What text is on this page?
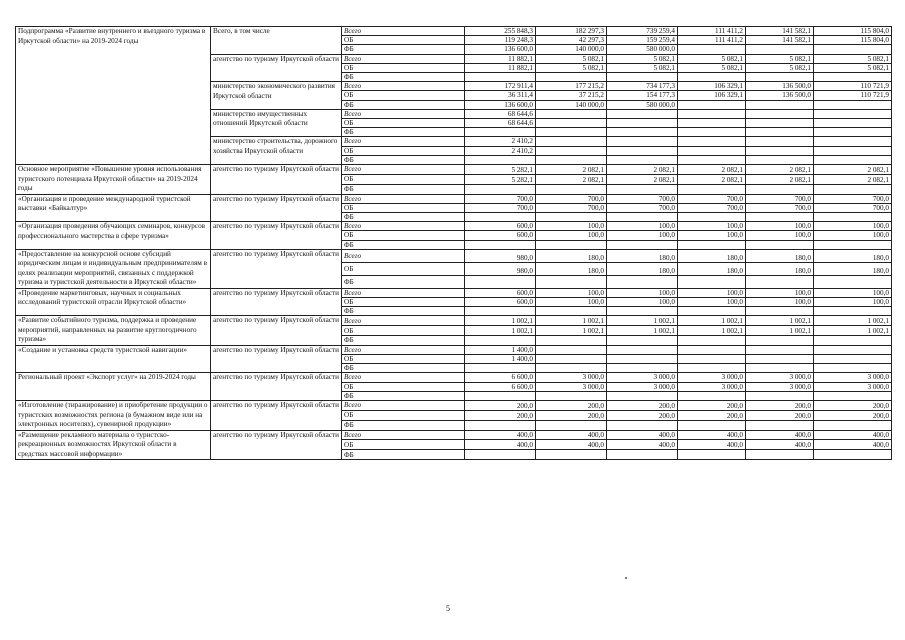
Подпрограмма «Развитие внутреннего и въездного туризма в Иркутской области» на 2019-2024 годы	Всего, в том числе	Всего	255 848,3	182 297,3	739 259,4	111 411,2	141 582,1	115 804,0
		ОБ	119 248,3	42 297,3	159 259,4	111 411,2	141 582,1	115 804,0
		ФБ	136 600,0	140 000,0	580 000,0			
	агентство по туризму Иркутской области	Всего	11 882,1	5 082,1	5 082,1	5 082,1	5 082,1	5 082,1
		ОБ	11 882,1	5 082,1	5 082,1	5 082,1	5 082,1	5 082,1
		ФБ						
	министерство экономического развития Иркутской области	Всего	172 911,4	177 215,2	734 177,3	106 329,1	136 500,0	110 721,9
		ОБ	36 311,4	37 215,2	154 177,3	106 329,1	136 500,0	110 721,9
		ФБ	136 600,0	140 000,0	580 000,0			
	министерство имущественных отношений Иркутской области	Всего	68 644,6					
		ОБ	68 644,6					
		ФБ						
	министерство строительства, дорожного хозяйства Иркутской области	Всего	2 410,2					
		ОБ	2 410,2					
		ФБ						
Основное мероприятие «Повышение уровня использования туристского потенциала Иркутской области» на 2019-2024 годы	агентство по туризму Иркутской области	Всего	5 282,1	2 082,1	2 082,1	2 082,1	2 082,1	2 082,1
		ОБ	5 282,1	2 082,1	2 082,1	2 082,1	2 082,1	2 082,1
		ФБ						
«Организация и проведение международной туристской выставки «Байкалтур»	агентство по туризму Иркутской области	Всего	700,0	700,0	700,0	700,0	700,0	700,0
		ОБ	700,0	700,0	700,0	700,0	700,0	700,0
		ФБ						
«Организация проведения обучающих семинаров, конкурсов профессионального мастерства в сфере туризма»	агентство по туризму Иркутской области	Всего	600,0	100,0	100,0	100,0	100,0	100,0
		ОБ	600,0	100,0	100,0	100,0	100,0	100,0
		ФБ						
«Предоставление на конкурсной основе субсидий юридическим лицам и индивидуальным предпринимателям в целях реализации мероприятий, связанных с поддержкой туризма и туристской деятельности в Иркутской области»	агентство по туризму Иркутской области	Всего	980,0	180,0	180,0	180,0	180,0	180,0
		ОБ	980,0	180,0	180,0	180,0	180,0	180,0
		ФБ						
«Проведение маркетинговых, научных и социальных исследований туристской отрасли Иркутской области»	агентство по туризму Иркутской области	Всего	600,0	100,0	100,0	100,0	100,0	100,0
		ОБ	600,0	100,0	100,0	100,0	100,0	100,0
		ФБ						
«Развитие событийного туризма, поддержка и проведение мероприятий, направленных на развитие круглогодичного туризма»	агентство по туризму Иркутской области	Всего	1 002,1	1 002,1	1 002,1	1 002,1	1 002,1	1 002,1
		ОБ	1 002,1	1 002,1	1 002,1	1 002,1	1 002,1	1 002,1
		ФБ						
«Создание и установка средств туристской навигации»	агентство по туризму Иркутской области	Всего	1 400,0					
		ОБ	1 400,0					
		ФБ						
Региональный проект «Экспорт услуг» на 2019-2024 годы	агентство по туризму Иркутской области	Всего	6 600,0	3 000,0	3 000,0	3 000,0	3 000,0	3 000,0
		ОБ	6 600,0	3 000,0	3 000,0	3 000,0	3 000,0	3 000,0
		ФБ						
«Изготовление (тиражирование) и приобретение продукции о туристских возможностях региона (в бумажном виде или на электронных носителях), сувенирной продукции»	агентство по туризму Иркутской области	Всего	200,0	200,0	200,0	200,0	200,0	200,0
		ОБ	200,0	200,0	200,0	200,0	200,0	200,0
		ФБ						
«Размещение рекламного материала о туристско-рекреационных возможностях Иркутской области в средствах массовой информации»	агентство по туризму Иркутской области	Всего	400,0	400,0	400,0	400,0	400,0	400,0
		ОБ	400,0	400,0	400,0	400,0	400,0	400,0
		ФБ						
5
